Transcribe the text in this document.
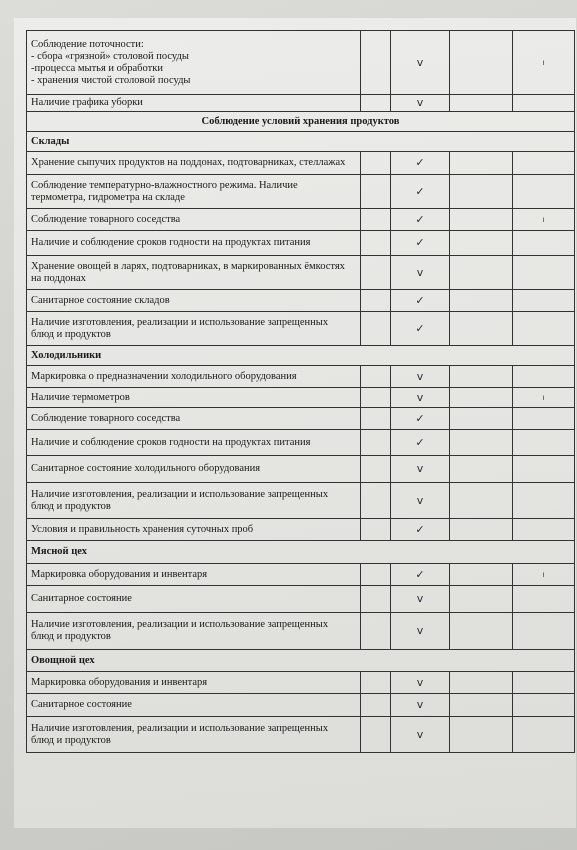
Соблюдение поточности:
- сбора «грязной» столовой посуды
-процесса мытья и обработки
- хранения чистой столовой посуды		v		ı

Наличие графика уборки		v		
Соблюдение условий хранения продуктов				
Склады				

Хранение сыпучих продуктов на поддонах, подтоварниках, стеллажах		✓		

Соблюдение температурно-влажностного режима. Наличие
термометра, гидрометра на складе		✓		

Соблюдение товарного соседства		✓		ı

Наличие и соблюдение сроков годности на продуктах питания		✓		

Хранение овощей в ларях, подтоварниках, в маркированных ёмкостях
на поддонах		v		

Санитарное состояние складов		✓		

Наличие изготовления, реализации и использование запрещенных
блюд и продуктов		✓		
Холодильники				

Маркировка о предназначении холодильного оборудования		v		

Наличие термометров		v		ı

Соблюдение товарного соседства		✓		

Наличие и соблюдение сроков годности на продуктах питания		✓		

Санитарное состояние холодильного оборудования		v		

Наличие изготовления, реализации и использование запрещенных
блюд и продуктов		v		

Условия и правильность хранения суточных проб		✓		
Мясной цех				

Маркировка оборудования и инвентаря		✓		ı

Санитарное состояние		v		

Наличие изготовления, реализации и использование запрещенных
блюд и продуктов		v		
Овощной цех				

Маркировка оборудования и инвентаря		v		

Санитарное состояние		v		

Наличие изготовления, реализации и использование запрещенных
блюд и продуктов		v		
